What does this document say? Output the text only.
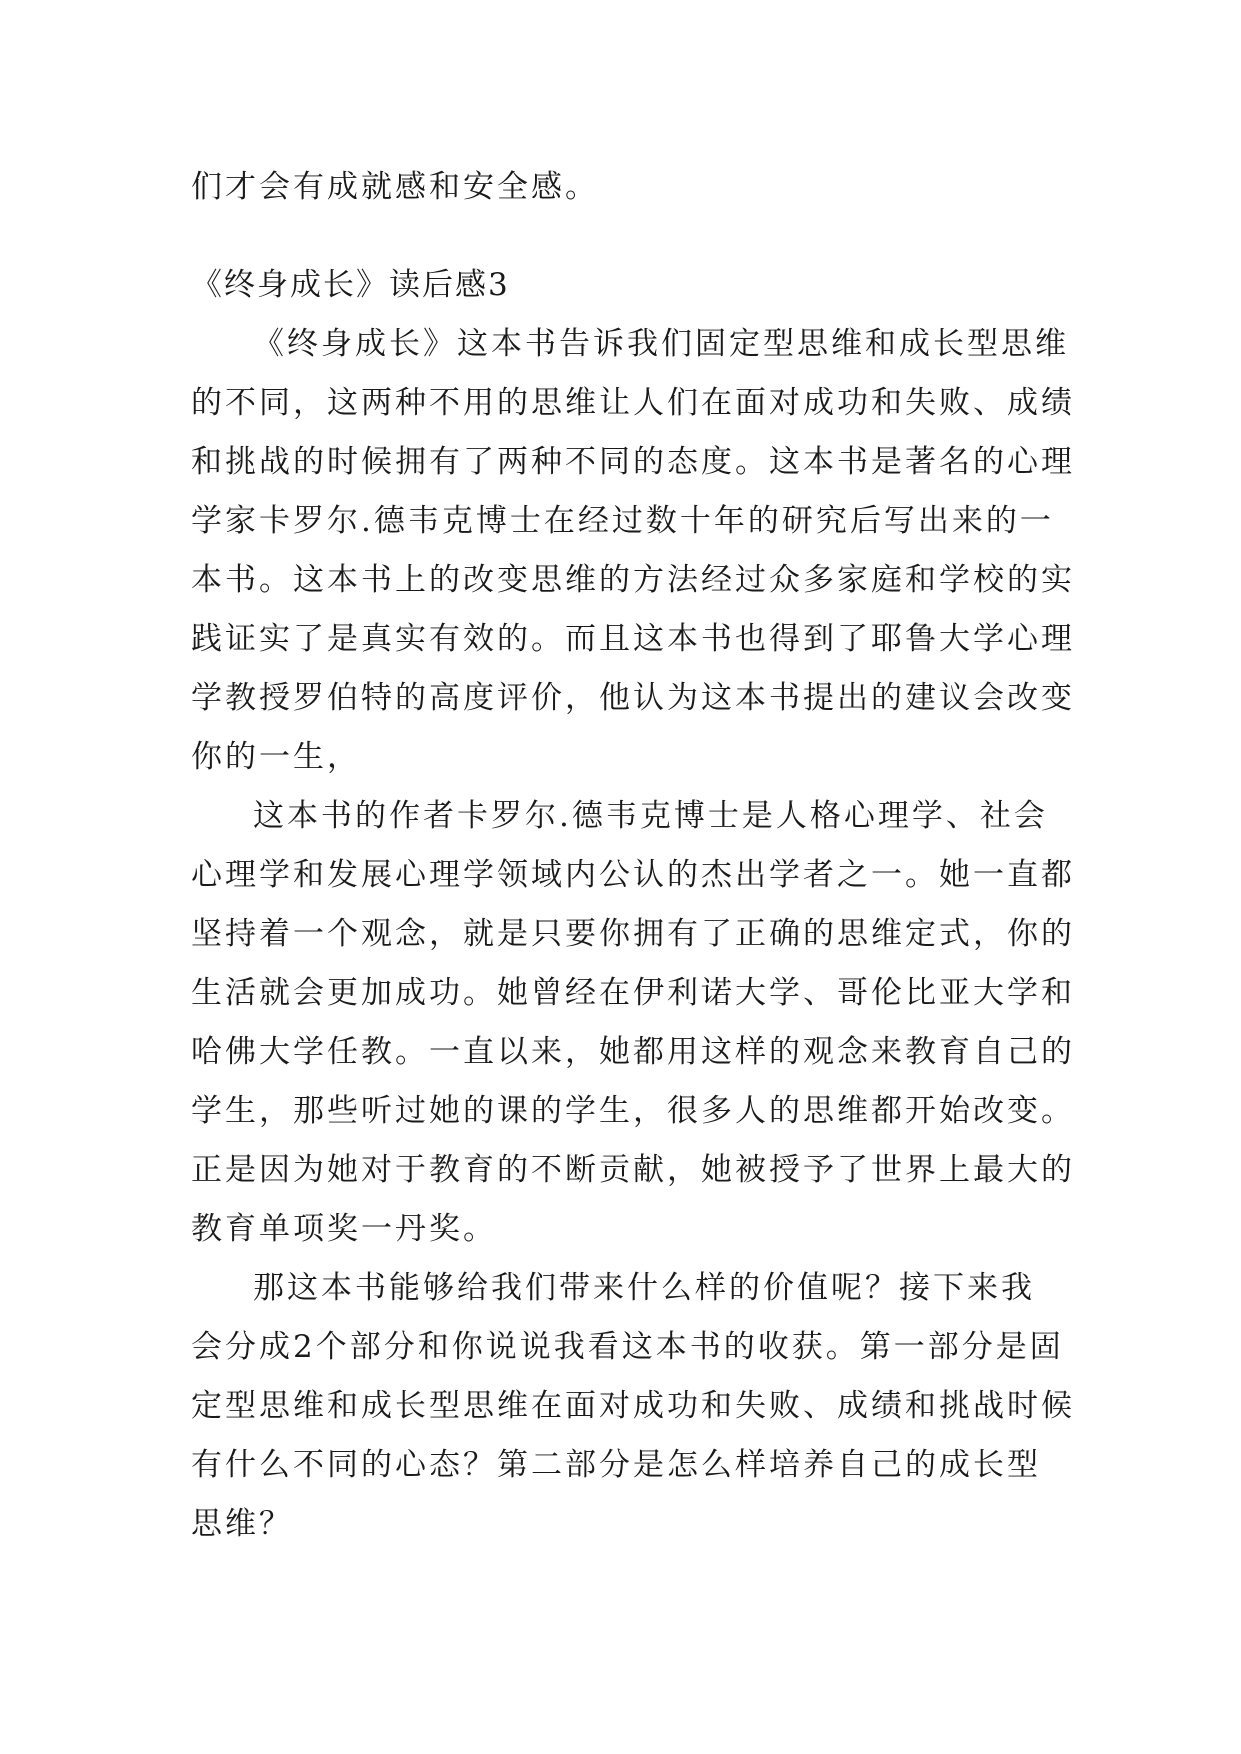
们才会有成就感和安全感。
《终身成长》读后感3
《终身成长》这本书告诉我们固定型思维和成长型思维
的不同，这两种不用的思维让人们在面对成功和失败、成绩
和挑战的时候拥有了两种不同的态度。这本书是著名的心理
学家卡罗尔.德韦克博士在经过数十年的研究后写出来的一
本书。这本书上的改变思维的方法经过众多家庭和学校的实
践证实了是真实有效的。而且这本书也得到了耶鲁大学心理
学教授罗伯特的高度评价，他认为这本书提出的建议会改变
你的一生，
这本书的作者卡罗尔.德韦克博士是人格心理学、社会
心理学和发展心理学领域内公认的杰出学者之一。她一直都
坚持着一个观念，就是只要你拥有了正确的思维定式，你的
生活就会更加成功。她曾经在伊利诺大学、哥伦比亚大学和
哈佛大学任教。一直以来，她都用这样的观念来教育自己的
学生，那些听过她的课的学生，很多人的思维都开始改变。
正是因为她对于教育的不断贡献，她被授予了世界上最大的
教育单项奖一丹奖。
那这本书能够给我们带来什么样的价值呢？接下来我
会分成2个部分和你说说我看这本书的收获。第一部分是固
定型思维和成长型思维在面对成功和失败、成绩和挑战时候
有什么不同的心态？第二部分是怎么样培养自己的成长型
思维？
